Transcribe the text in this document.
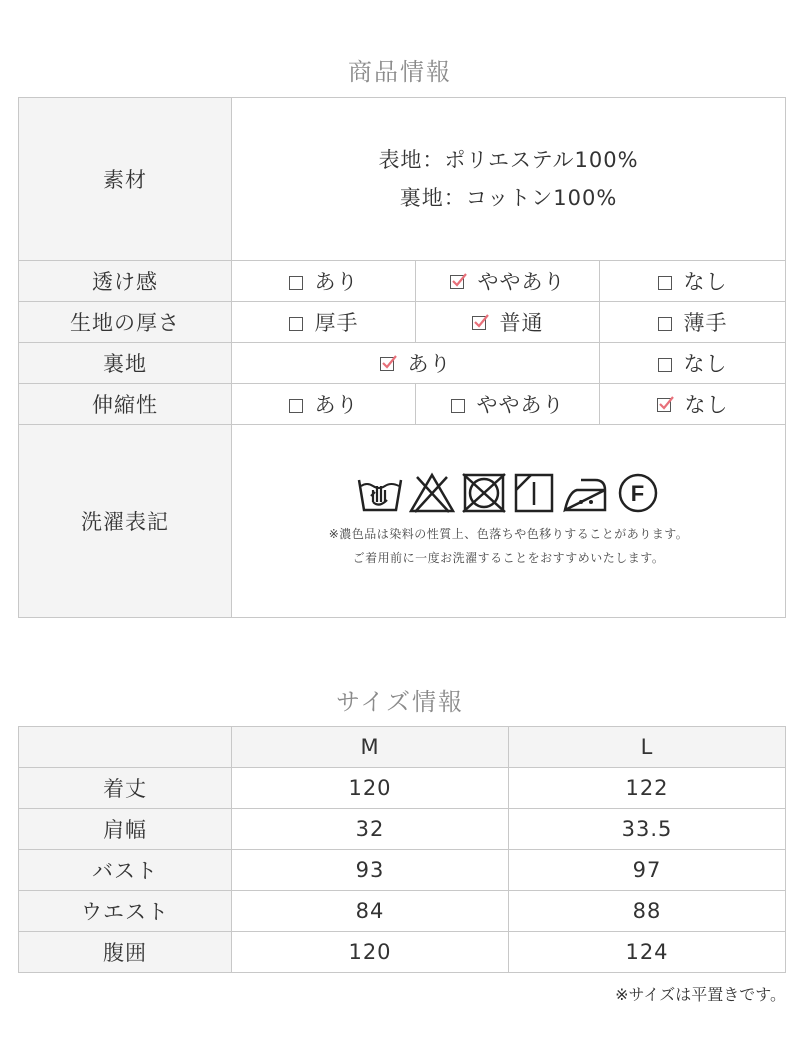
商品情報
素材	表地：ポリエステル100%
裏地：コットン100%		

透け感	あり	ややあり	なし
生地の厚さ	厚手	普通	薄手
裏地	あり		なし
伸縮性	あり	ややあり	なし
洗濯表記	F
※濃色品は染料の性質上、色落ちや色移りすることがあります。
ご着用前に一度お洗濯することをおすすめいたします。		
サイズ情報
	M	L
着丈	120	122
肩幅	32	33.5
バスト	93	97
ウエスト	84	88
腹囲	120	124
※サイズは平置きです。
